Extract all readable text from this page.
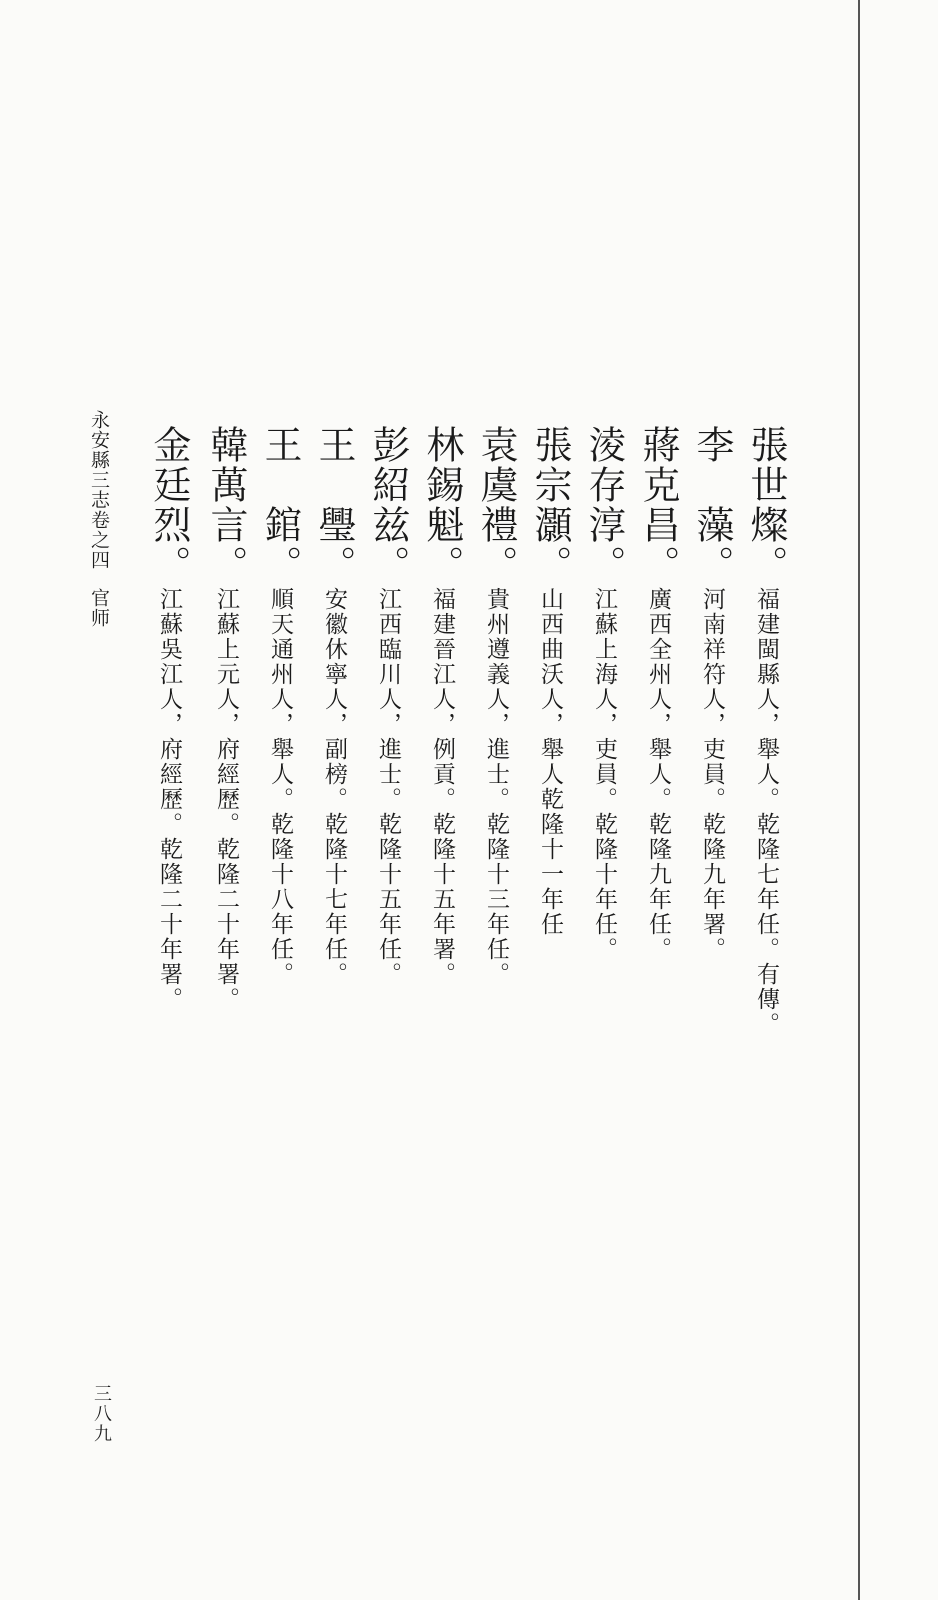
張世燦。福建閩縣人，舉人。乾隆七年任。有傳。
李　藻。河南祥符人，吏員。乾隆九年署。
蔣克昌。廣西全州人，舉人。乾隆九年任。
淩存淳。江蘇上海人，吏員。乾隆十年任。
張宗灝。山西曲沃人，舉人乾隆十一年任
袁虞禮。貴州遵義人，進士。乾隆十三年任。
林錫魁。福建晉江人，例貢。乾隆十五年署。
彭紹兹。江西臨川人，進士。乾隆十五年任。
王　璺。安徽休寧人，副榜。乾隆十七年任。
王　錧。順天通州人，舉人。乾隆十八年任。
韓萬言。江蘇上元人，府經歷。乾隆二十年署。
金廷烈。江蘇吳江人，府經歷。乾隆二十年署。
永安縣三志卷之四官师
三八九
